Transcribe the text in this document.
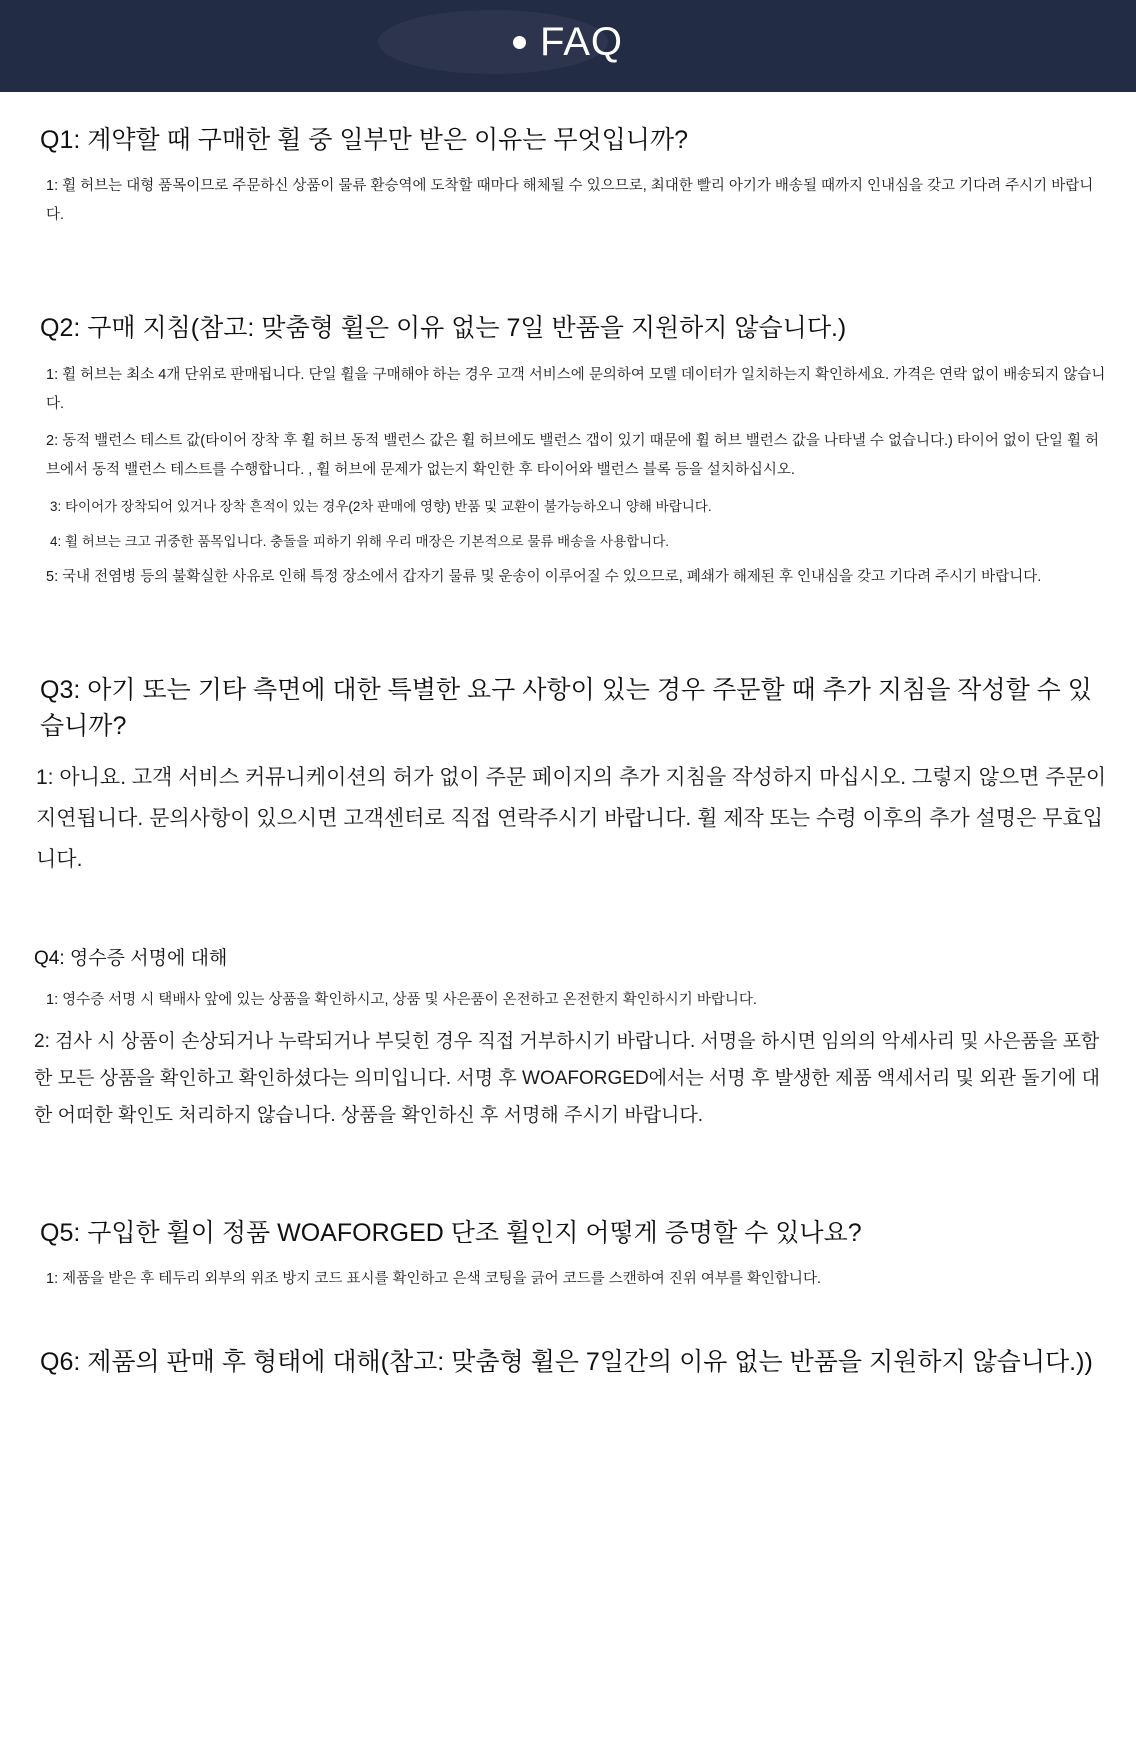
FAQ
Q1: 계약할 때 구매한 휠 중 일부만 받은 이유는 무엇입니까?
1: 휠 허브는 대형 품목이므로 주문하신 상품이 물류 환승역에 도착할 때마다 해체될 수 있으므로, 최대한 빨리 아기가 배송될 때까지 인내심을 갖고 기다려 주시기 바랍니다.
Q2: 구매 지침(참고: 맞춤형 휠은 이유 없는 7일 반품을 지원하지 않습니다.)
1: 휠 허브는 최소 4개 단위로 판매됩니다. 단일 휠을 구매해야 하는 경우 고객 서비스에 문의하여 모델 데이터가 일치하는지 확인하세요. 가격은 연락 없이 배송되지 않습니다.
2: 동적 밸런스 테스트 값(타이어 장착 후 휠 허브 동적 밸런스 값은 휠 허브에도 밸런스 갭이 있기 때문에 휠 허브 밸런스 값을 나타낼 수 없습니다.) 타이어 없이 단일 휠 허브에서 동적 밸런스 테스트를 수행합니다. , 휠 허브에 문제가 없는지 확인한 후 타이어와 밸런스 블록 등을 설치하십시오.
3: 타이어가 장착되어 있거나 장착 흔적이 있는 경우(2차 판매에 영향) 반품 및 교환이 불가능하오니 양해 바랍니다.
4: 휠 허브는 크고 귀중한 품목입니다. 충돌을 피하기 위해 우리 매장은 기본적으로 물류 배송을 사용합니다.
5: 국내 전염병 등의 불확실한 사유로 인해 특정 장소에서 갑자기 물류 및 운송이 이루어질 수 있으므로, 폐쇄가 해제된 후 인내심을 갖고 기다려 주시기 바랍니다.
Q3: 아기 또는 기타 측면에 대한 특별한 요구 사항이 있는 경우 주문할 때 추가 지침을 작성할 수 있습니까?
1: 아니요. 고객 서비스 커뮤니케이션의 허가 없이 주문 페이지의 추가 지침을 작성하지 마십시오. 그렇지 않으면 주문이 지연됩니다. 문의사항이 있으시면 고객센터로 직접 연락주시기 바랍니다. 휠 제작 또는 수령 이후의 추가 설명은 무효입니다.
Q4: 영수증 서명에 대해
1: 영수증 서명 시 택배사 앞에 있는 상품을 확인하시고, 상품 및 사은품이 온전하고 온전한지 확인하시기 바랍니다.
2: 검사 시 상품이 손상되거나 누락되거나 부딪힌 경우 직접 거부하시기 바랍니다. 서명을 하시면 임의의 악세사리 및 사은품을 포함한 모든 상품을 확인하고 확인하셨다는 의미입니다. 서명 후 WOAFORGED에서는 서명 후 발생한 제품 액세서리 및 외관 돌기에 대한 어떠한 확인도 처리하지 않습니다. 상품을 확인하신 후 서명해 주시기 바랍니다.
Q5: 구입한 휠이 정품 WOAFORGED 단조 휠인지 어떻게 증명할 수 있나요?
1: 제품을 받은 후 테두리 외부의 위조 방지 코드 표시를 확인하고 은색 코팅을 긁어 코드를 스캔하여 진위 여부를 확인합니다.
Q6: 제품의 판매 후 형태에 대해(참고: 맞춤형 휠은 7일간의 이유 없는 반품을 지원하지 않습니다.))
